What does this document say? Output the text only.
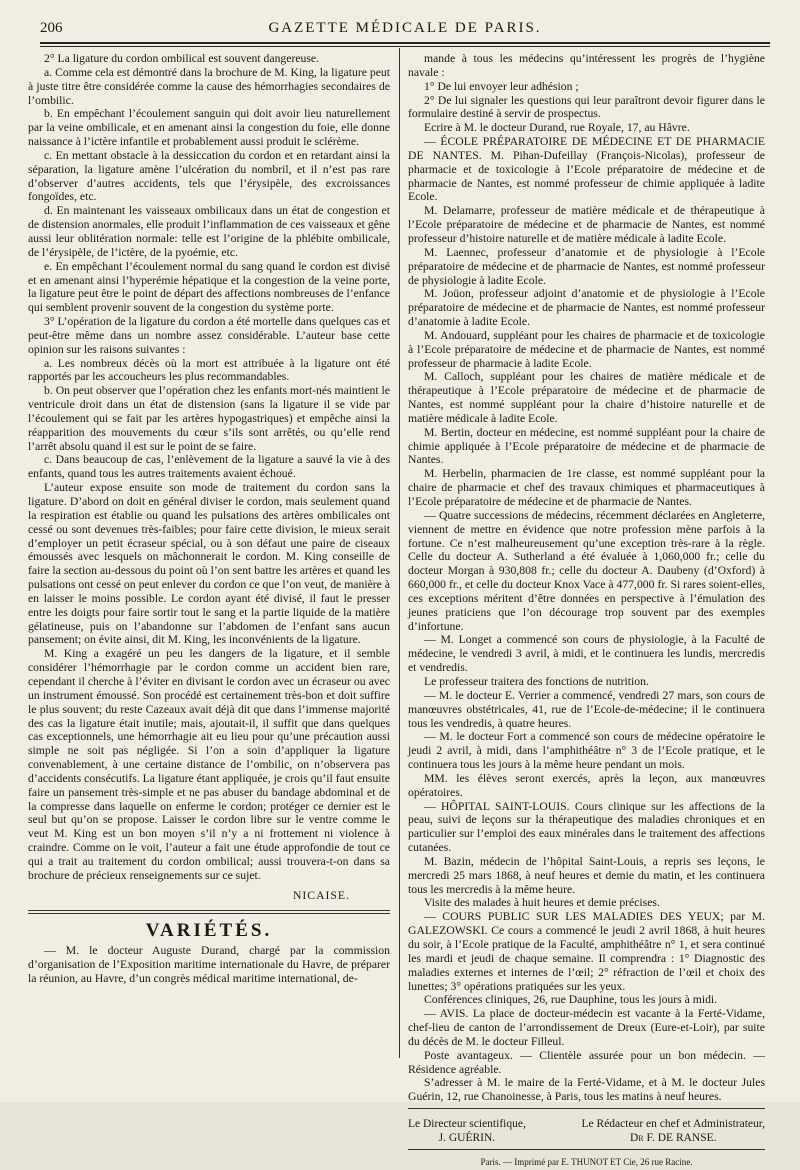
206	GAZETTE MÉDICALE DE PARIS.

2° La ligature du cordon ombilical est souvent dangereuse.

a. Comme cela est démontré dans la brochure de M. King, la ligature peut à juste titre être considérée comme la cause des hémorrhagies secondaires de l’ombilic.

b. En empêchant l’écoulement sanguin qui doit avoir lieu naturellement par la veine ombilicale, et en amenant ainsi la congestion du foie, elle donne naissance à l’ictère infantile et probablement aussi produit le sclérème.

c. En mettant obstacle à la dessiccation du cordon et en retardant ainsi la séparation, la ligature amène l’ulcération du nombril, et il n’est pas rare d’observer d’autres accidents, tels que l’érysipèle, des excroissances fongoïdes, etc.

d. En maintenant les vaisseaux ombilicaux dans un état de congestion et de distension anormales, elle produit l’inflammation de ces vaisseaux et gêne aussi leur oblitération normale: telle est l’origine de la phlébite ombilicale, de l’érysipèle, de l’ictère, de la pyoémie, etc.

e. En empêchant l’écoulement normal du sang quand le cordon est divisé et en amenant ainsi l’hyperémie hépatique et la congestion de la veine porte, la ligature peut être le point de départ des affections nombreuses de l’enfance qui semblent provenir souvent de la congestion du système porte.

3° L’opération de la ligature du cordon a été mortelle dans quelques cas et peut-être même dans un nombre assez considérable. L’auteur base cette opinion sur les raisons suivantes :

a. Les nombreux décès où la mort est attribuée à la ligature ont été rapportés par les accoucheurs les plus recommandables.

b. On peut observer que l’opération chez les enfants mort-nés maintient le ventricule droit dans un état de distension (sans la ligature il se vide par l’écoulement qui se fait par les artères hypogastriques) et empêche ainsi la réapparition des mouvements du cœur s’ils sont arrêtés, ou qu’elle rend l’arrêt absolu quand il est sur le point de se faire.

c. Dans beaucoup de cas, l’enlèvement de la ligature a sauvé la vie à des enfants, quand tous les autres traitements avaient échoué.

L’auteur expose ensuite son mode de traitement du cordon sans la ligature. D’abord on doit en général diviser le cordon, mais seulement quand la respiration est établie ou quand les pulsations des artères ombilicales ont cessé ou sont devenues très-faibles; pour faire cette division, le mieux serait d’employer un petit écraseur spécial, ou à son défaut une paire de ciseaux émoussés avec lesquels on mâchonnerait le cordon. M. King conseille de faire la section au-dessous du point où l’on sent battre les artères et quand les pulsations ont cessé on peut enlever du cordon ce que l’on veut, de manière à en laisser le moins possible. Le cordon ayant été divisé, il faut le presser entre les doigts pour faire sortir tout le sang et la partie liquide de la matière gélatineuse, puis on l’abandonne sur l’abdomen de l’enfant sans aucun pansement; on évite ainsi, dit M. King, les inconvénients de la ligature.

M. King a exagéré un peu les dangers de la ligature, et il semble considérer l’hémorrhagie par le cordon comme un accident bien rare, cependant il cherche à l’éviter en divisant le cordon avec un écraseur ou avec un instrument émoussé. Son procédé est certainement très-bon et doit suffire le plus souvent; du reste Cazeaux avait déjà dit que dans l’immense majorité des cas la ligature était inutile; mais, ajoutait-il, il suffit que dans quelques cas exceptionnels, une hémorrhagie ait eu lieu pour qu’une précaution aussi simple ne soit pas négligée. Si l’on a soin d’appliquer la ligature convenablement, à une certaine distance de l’ombilic, on n’observera pas d’accidents consécutifs. La ligature étant appliquée, je crois qu’il faut ensuite faire un pansement très-simple et ne pas abuser du bandage abdominal et de la compresse dans laquelle on enferme le cordon; protéger ce dernier est le seul but qu’on se propose. Laisser le cordon libre sur le ventre comme le veut M. King est un bon moyen s’il n’y a ni frottement ni violence à craindre. Comme on le voit, l’auteur a fait une étude approfondie de tout ce qui a trait au traitement du cordon ombilical; aussi trouvera-t-on dans sa brochure de précieux renseignements sur ce sujet.

NICAISE.
VARIÉTÉS.

— M. le docteur Auguste Durand, chargé par la commission d’organisation de l’Exposition maritime internationale du Havre, de préparer la réunion, au Havre, d’un congrès médical maritime international, de-

mande à tous les médecins qu’intéressent les progrès de l’hygiène navale :

1° De lui envoyer leur adhésion ;

2° De lui signaler les questions qui leur paraîtront devoir figurer dans le formulaire destiné à servir de prospectus.

Ecrire à M. le docteur Durand, rue Royale, 17, au Hâvre.

— ÉCOLE PRÉPARATOIRE DE MÉDECINE ET DE PHARMACIE DE NANTES. M. Pihan-Dufeillay (François-Nicolas), professeur de pharmacie et de toxicologie à l’Ecole préparatoire de médecine et de pharmacie de Nantes, est nommé professeur de chimie appliquée à ladite Ecole.

M. Delamarre, professeur de matière médicale et de thérapeutique à l’Ecole préparatoire de médecine et de pharmacie de Nantes, est nommé professeur d’histoire naturelle et de matière médicale à ladite Ecole.

M. Laennec, professeur d’anatomie et de physiologie à l’Ecole préparatoire de médecine et de pharmacie de Nantes, est nommé professeur de physiologie à ladite Ecole.

M. Joüon, professeur adjoint d’anatomie et de physiologie à l’Ecole préparatoire de médecine et de pharmacie de Nantes, est nommé professeur d’anatomie à ladite Ecole.

M. Andouard, suppléant pour les chaires de pharmacie et de toxicologie à l’Ecole préparatoire de médecine et de pharmacie de Nantes, est nommé professeur de pharmacie à ladite Ecole.

M. Calloch, suppléant pour les chaires de matière médicale et de thérapeutique à l’Ecole préparatoire de médecine et de pharmacie de Nantes, est nommé suppléant pour la chaire d’histoire naturelle et de matière médicale à ladite Ecole.

M. Bertin, docteur en médecine, est nommé suppléant pour la chaire de chimie appliquée à l’Ecole préparatoire de médecine et de pharmacie de Nantes.

M. Herbelin, pharmacien de 1re classe, est nommé suppléant pour la chaire de pharmacie et chef des travaux chimiques et pharmaceutiques à l’Ecole préparatoire de médecine et de pharmacie de Nantes.

— Quatre successions de médecins, récemment déclarées en Angleterre, viennent de mettre en évidence que notre profession mène parfois à la fortune. Ce n’est malheureusement qu’une exception très-rare à la règle. Celle du docteur A. Sutherland a été évaluée à 1,060,000 fr.; celle du docteur Morgan à 930,808 fr.; celle du docteur A. Daubeny (d’Oxford) à 660,000 fr., et celle du docteur Knox Vace à 477,000 fr. Si rares soient-elles, ces exceptions méritent d’être données en perspective à l’émulation des jeunes praticiens que l’on décourage trop souvent par des exemples d’infortune.

— M. Longet a commencé son cours de physiologie, à la Faculté de médecine, le vendredi 3 avril, à midi, et le continuera les lundis, mercredis et vendredis.

Le professeur traitera des fonctions de nutrition.

— M. le docteur E. Verrier a commencé, vendredi 27 mars, son cours de manœuvres obstétricales, 41, rue de l’Ecole-de-médecine; il le continuera tous les vendredis, à quatre heures.

— M. le docteur Fort a commencé son cours de médecine opératoire le jeudi 2 avril, à midi, dans l’amphithéâtre n° 3 de l’Ecole pratique, et le continuera tous les jours à la même heure pendant un mois.

MM. les élèves seront exercés, après la leçon, aux manœuvres opératoires.

— HÔPITAL SAINT-LOUIS. Cours clinique sur les affections de la peau, suivi de leçons sur la thérapeutique des maladies chroniques et en particulier sur l’emploi des eaux minérales dans le traitement des affections cutanées.

M. Bazin, médecin de l’hôpital Saint-Louis, a repris ses leçons, le mercredi 25 mars 1868, à neuf heures et demie du matin, et les continuera tous les mercredis à la même heure.

Visite des malades à huit heures et demie précises.

— COURS PUBLIC SUR LES MALADIES DES YEUX; par M. GALEZOWSKI. Ce cours a commencé le jeudi 2 avril 1868, à huit heures du soir, à l’Ecole pratique de la Faculté, amphithéâtre n° 1, et sera continué les mardi et jeudi de chaque semaine. Il comprendra : 1° Diagnostic des maladies externes et internes de l’œil; 2° réfraction de l’œil et choix des lunettes; 3° opérations pratiquées sur les yeux.

Conférences cliniques, 26, rue Dauphine, tous les jours à midi.

— AVIS. La place de docteur-médecin est vacante à la Ferté-Vidame, chef-lieu de canton de l’arrondissement de Dreux (Eure-et-Loir), par suite du décès de M. le docteur Filleul.

Poste avantageux. — Clientèle assurée pour un bon médecin. — Résidence agréable.

S’adresser à M. le maire de la Ferté-Vidame, et à M. le docteur Jules Guérin, 12, rue Chanoinesse, à Paris, tous les matins à neuf heures.

Le Directeur scientifique,
J. GUÉRIN.
Le Rédacteur en chef et Administrateur,
Dr F. DE RANSE.
Paris. — Imprimé par E. THUNOT ET Cie, 26 rue Racine.
